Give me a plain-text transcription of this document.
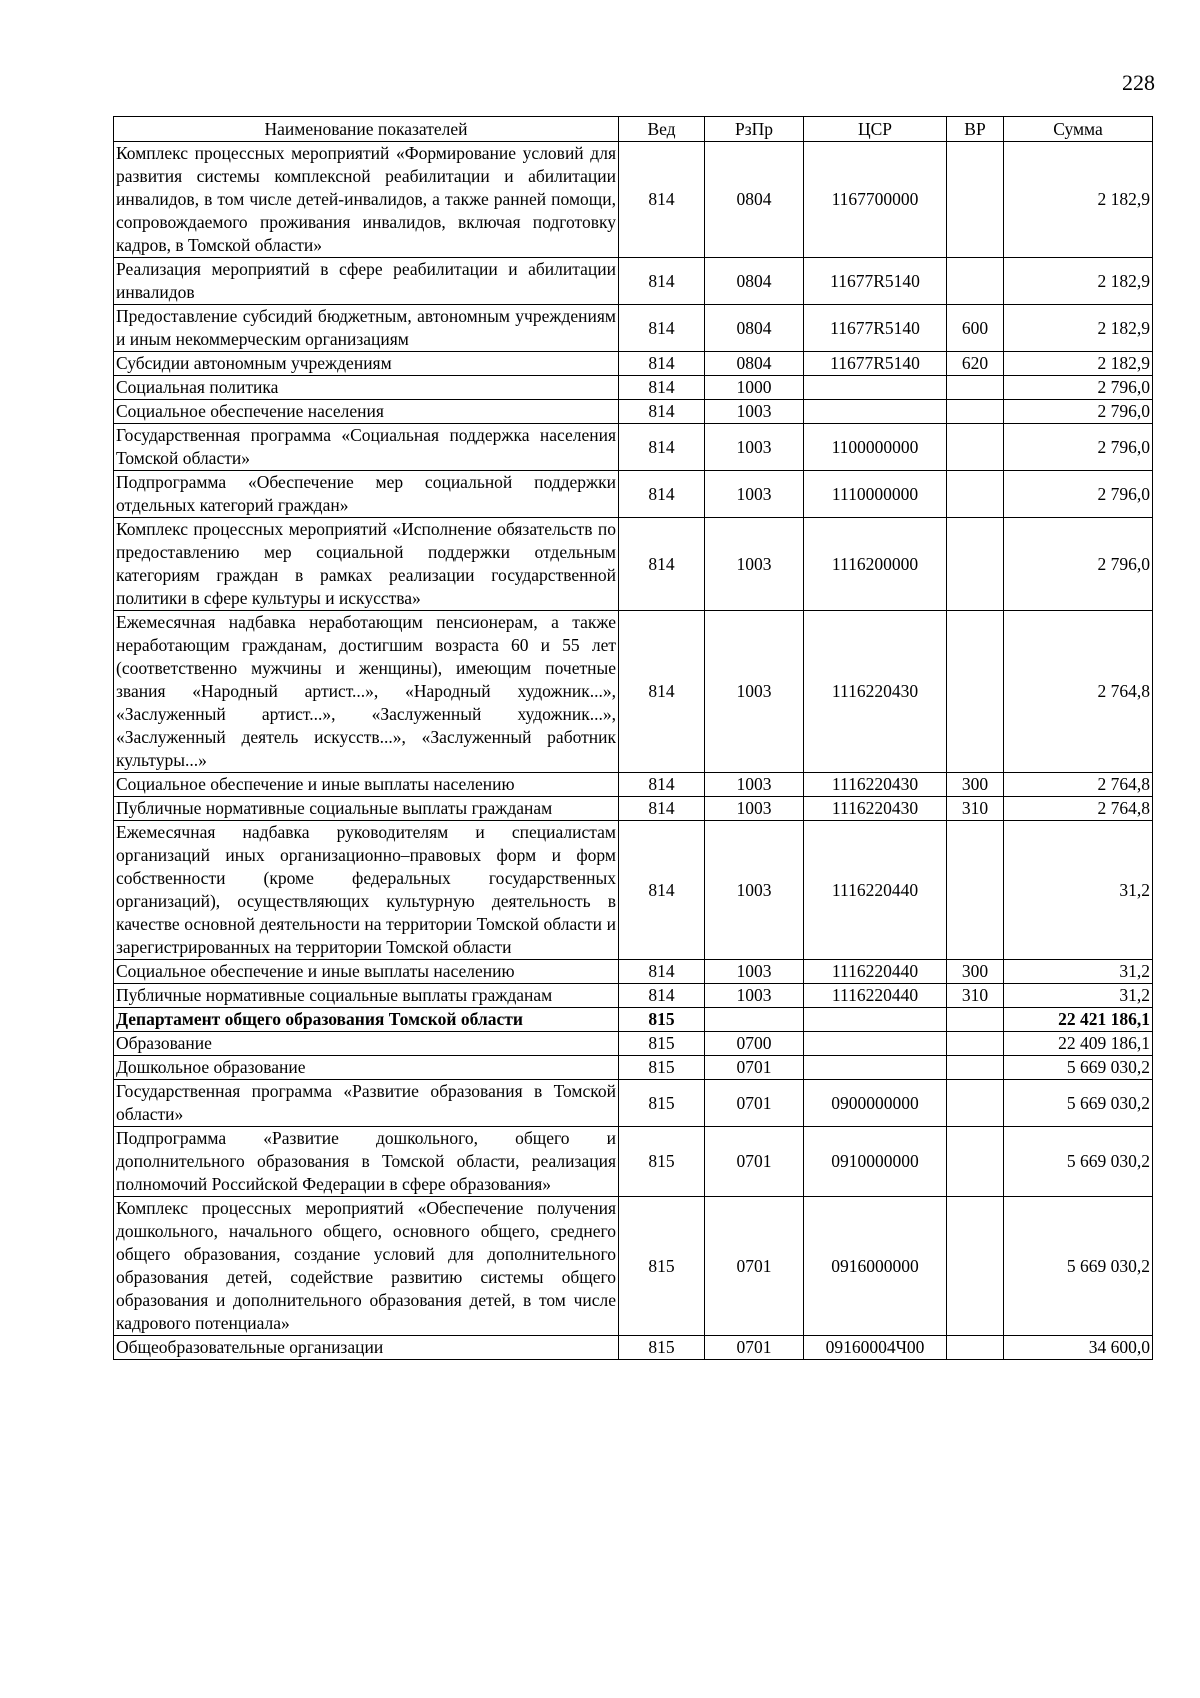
228
Наименование показателей	Вед	РзПр	ЦСР	ВР	Сумма
Комплекс процессных мероприятий «Формирование условий для развития системы комплексной реабилитации и абилитации инвалидов, в том числе детей-инвалидов, а также ранней помощи, сопровождаемого проживания инвалидов, включая подготовку кадров, в Томской области»	814	0804	1167700000		2 182,9
Реализация мероприятий в сфере реабилитации и абилитации инвалидов	814	0804	11677R5140		2 182,9
Предоставление субсидий бюджетным, автономным учреждениям и иным некоммерческим организациям	814	0804	11677R5140	600	2 182,9
Субсидии автономным учреждениям	814	0804	11677R5140	620	2 182,9
Социальная политика	814	1000			2 796,0
Социальное обеспечение населения	814	1003			2 796,0
Государственная программа «Социальная поддержка населения Томской области»	814	1003	1100000000		2 796,0
Подпрограмма «Обеспечение мер социальной поддержки отдельных категорий граждан»	814	1003	1110000000		2 796,0
Комплекс процессных мероприятий «Исполнение обязательств по предоставлению мер социальной поддержки отдельным категориям граждан в рамках реализации государственной политики в сфере культуры и искусства»	814	1003	1116200000		2 796,0
Ежемесячная надбавка неработающим пенсионерам, а также неработающим гражданам, достигшим возраста 60 и 55 лет (соответственно мужчины и женщины), имеющим почетные звания «Народный артист...», «Народный художник...», «Заслуженный артист...», «Заслуженный художник...», «Заслуженный деятель искусств...», «Заслуженный работник культуры...»	814	1003	1116220430		2 764,8
Социальное обеспечение и иные выплаты населению	814	1003	1116220430	300	2 764,8
Публичные нормативные социальные выплаты гражданам	814	1003	1116220430	310	2 764,8
Ежемесячная надбавка руководителям и специалистам организаций иных организационно–правовых форм и форм собственности (кроме федеральных государственных организаций), осуществляющих культурную деятельность в качестве основной деятельности на территории Томской области и зарегистрированных на территории Томской области	814	1003	1116220440		31,2
Социальное обеспечение и иные выплаты населению	814	1003	1116220440	300	31,2
Публичные нормативные социальные выплаты гражданам	814	1003	1116220440	310	31,2
Департамент общего образования Томской области	815				22 421 186,1
Образование	815	0700			22 409 186,1
Дошкольное образование	815	0701			5 669 030,2
Государственная программа «Развитие образования в Томской области»	815	0701	0900000000		5 669 030,2
Подпрограмма «Развитие дошкольного, общего и дополнительного образования в Томской области, реализация полномочий Российской Федерации в сфере образования»	815	0701	0910000000		5 669 030,2
Комплекс процессных мероприятий «Обеспечение получения дошкольного, начального общего, основного общего, среднего общего образования, создание условий для дополнительного образования детей, содействие развитию системы общего образования и дополнительного образования детей, в том числе кадрового потенциала»	815	0701	0916000000		5 669 030,2
Общеобразовательные организации	815	0701	09160004Ч00		34 600,0
